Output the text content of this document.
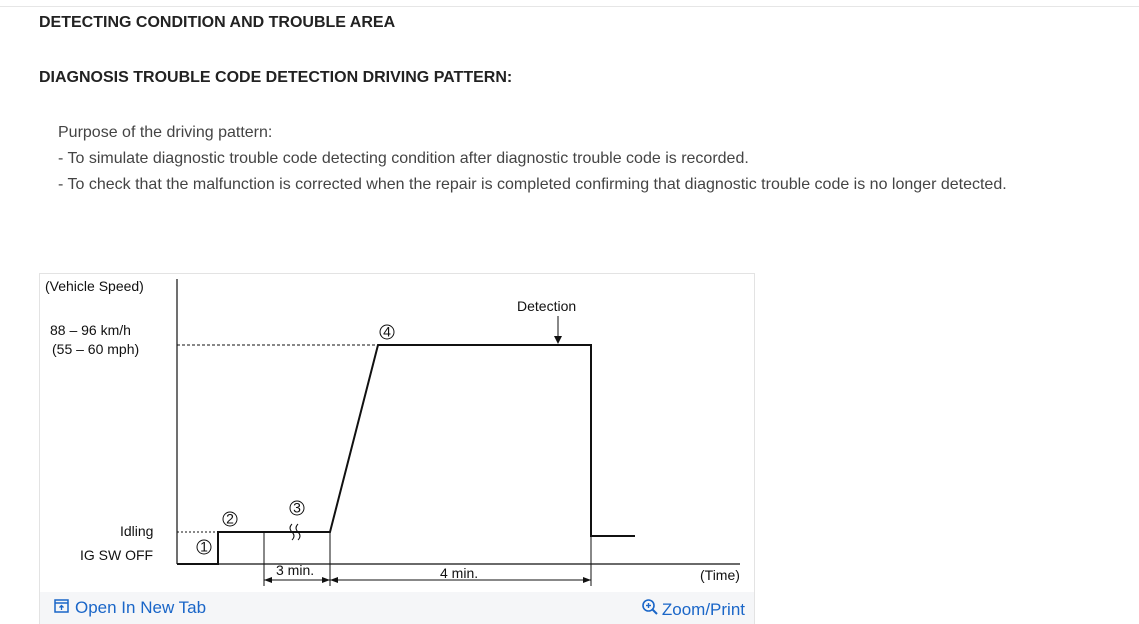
DETECTING CONDITION AND TROUBLE AREA
DIAGNOSIS TROUBLE CODE DETECTION DRIVING PATTERN:
Purpose of the driving pattern:
- To simulate diagnostic trouble code detecting condition after diagnostic trouble code is recorded.
- To check that the malfunction is corrected when the repair is completed confirming that diagnostic trouble code is no longer detected.
1
2
3
4
(Vehicle Speed)
88 – 96 km/h
(55 – 60 mph)
Idling
IG SW OFF
Detection
3 min.	4 min.	(Time)
Open In New Tab	Zoom/Print
